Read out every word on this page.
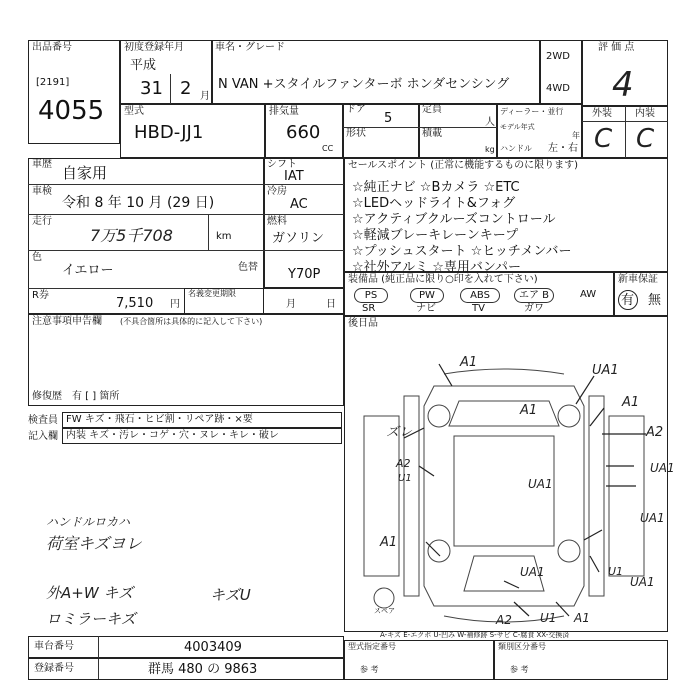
出品番号
[2191]
4055
初度登録年月
平成
31 2 月
車名・グレード
N VAN +スタイルファンターボ ホンダセンシング
2WD
4WD
評 価 点
4
外装 内装
C C
型式
HBD-JJ1
排気量
660
CC
ドア
5
形状
定員
人
積載
kg
ディーラー・並行
モデル年式
年
ハンドル 左・右
車歴 自家用
車検
令和 8 年 10 月 (29 日)
走行
7万5千708	km
色
イエロー
R券
7,510 円
名義変更期限
月	日
シフト
IAT
冷房
AC
燃料
ガソリン
色替 Y70P
セールスポイント (正常に機能するものに限ります)
☆純正ナビ ☆Bカメラ ☆ETC
☆LEDヘッドライト&フォグ
☆アクティブクルーズコントロール
☆軽減ブレーキレーンキープ
☆プッシュスタート ☆ヒッチメンバー
☆社外アルミ ☆専用バンパー
装備品 (純正品に限り○印を入れて下さい)
PS	PW	ABS	エア B
SR	ナビ	TV	ガワ
AW
新車保証
有 無
注意事項申告欄 (不具合箇所は具体的に記入して下さい)
修復歴 有 [ ] 箇所
後日品
検査員
記入欄
FW キズ・飛石・ヒビ割・リペア跡・×要
内装 キズ・汚レ・コゲ・穴・ヌレ・キレ・破レ
ハンドルロカハ
荷室キズヨレ
外A+W キズ
ロミラーキズ
キズU
A1
UA1
A1
A1
A2
ズレ
A2	UA1
UA1
U1
UA1
A1
UA1	U1
A2 U1
UA1
A1
スペア
A-キズ E-エクボ U-凹み W-補修跡 S-サビ C-腐食 XX-交換済
車台番号	4003409
登録番号	群馬 480 の 9863
型式指定番号
参 考
類別区分番号
参 考
